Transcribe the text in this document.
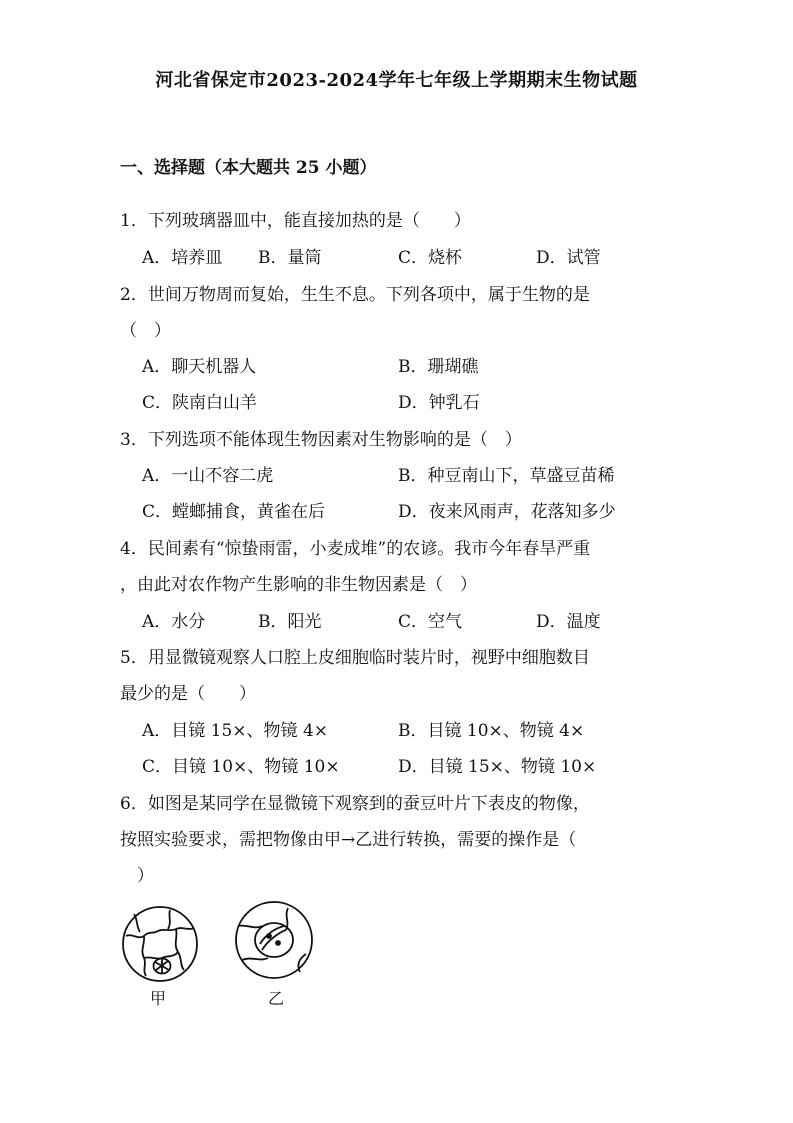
河北省保定市2023-2024学年七年级上学期期末生物试题
一、选择题（本大题共 25 小题）
1．下列玻璃器皿中，能直接加热的是（　　）
A．培养皿 B．量筒	C．烧杯	D．试管
2．世间万物周而复始，生生不息。下列各项中，属于生物的是
（　）
A．聊天机器人	B．珊瑚礁
C．陕南白山羊	D．钟乳石
3．下列选项不能体现生物因素对生物影响的是（　）
A．一山不容二虎	B．种豆南山下，草盛豆苗稀
C．螳螂捕食，黄雀在后	D．夜来风雨声，花落知多少
4．民间素有“惊蛰雨雷，小麦成堆”的农谚。我市今年春旱严重
，由此对农作物产生影响的非生物因素是（　）
A．水分	B．阳光	C．空气	D．温度
5．用显微镜观察人口腔上皮细胞临时装片时，视野中细胞数目
最少的是（　　）
A．目镜 15×、物镜 4×	B．目镜 10×、物镜 4×
C．目镜 10×、物镜 10×	D．目镜 15×、物镜 10×
6．如图是某同学在显微镜下观察到的蚕豆叶片下表皮的物像，
按照实验要求，需把物像由甲→乙进行转换，需要的操作是（
　）
甲	乙
